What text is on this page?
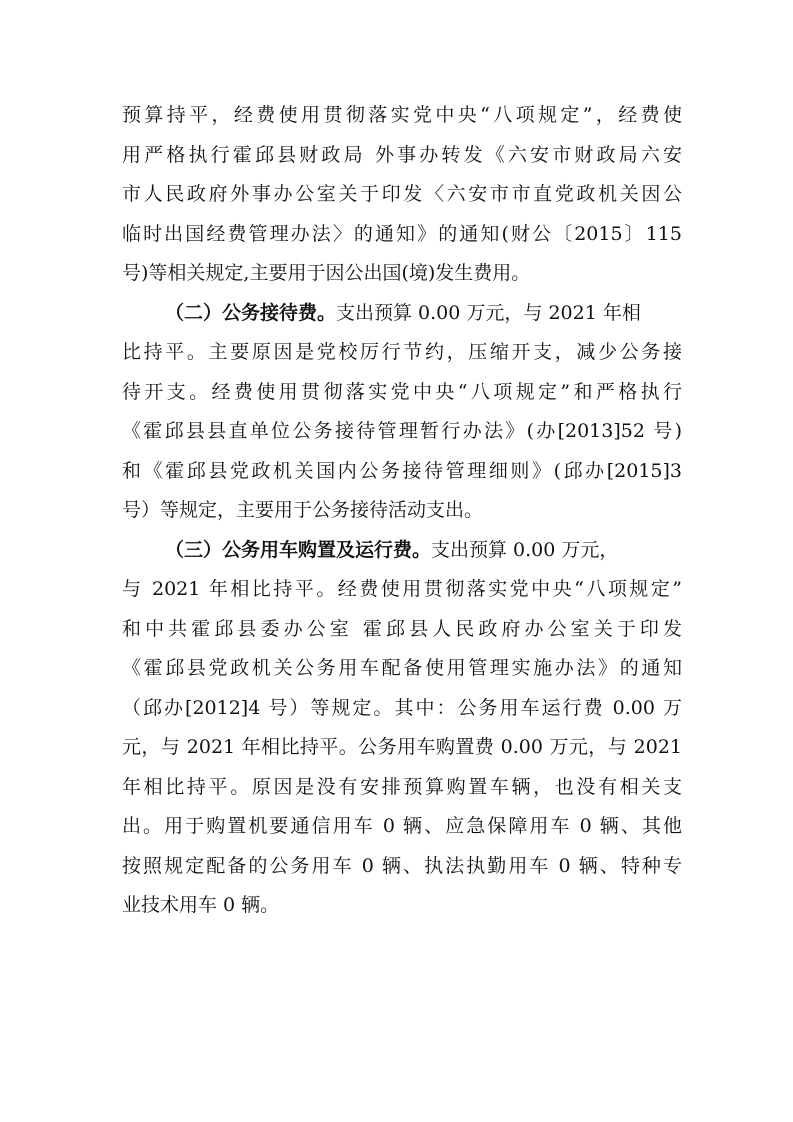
预算持平，经费使用贯彻落实党中央“八项规定”，经费使
用严格执行霍邱县财政局 外事办转发《六安市财政局六安
市人民政府外事办公室关于印发〈六安市市直党政机关因公
临时出国经费管理办法〉的通知》的通知(财公〔2015〕115
号)等相关规定,主要用于因公出国(境)发生费用。
（二）公务接待费。支出预算 0.00 万元，与 2021 年相
比持平。主要原因是党校厉行节约，压缩开支，减少公务接
待开支。经费使用贯彻落实党中央“八项规定”和严格执行
《霍邱县县直单位公务接待管理暂行办法》(办[2013]52 号)
和《霍邱县党政机关国内公务接待管理细则》(邱办[2015]3
号）等规定，主要用于公务接待活动支出。
（三）公务用车购置及运行费。支出预算 0.00 万元，
与 2021 年相比持平。经费使用贯彻落实党中央“八项规定”
和中共霍邱县委办公室 霍邱县人民政府办公室关于印发
《霍邱县党政机关公务用车配备使用管理实施办法》的通知
（邱办[2012]4 号）等规定。其中：公务用车运行费 0.00 万
元，与 2021 年相比持平。公务用车购置费 0.00 万元，与 2021
年相比持平。原因是没有安排预算购置车辆，也没有相关支
出。用于购置机要通信用车 0 辆、应急保障用车 0 辆、其他
按照规定配备的公务用车 0 辆、执法执勤用车 0 辆、特种专
业技术用车 0 辆。
